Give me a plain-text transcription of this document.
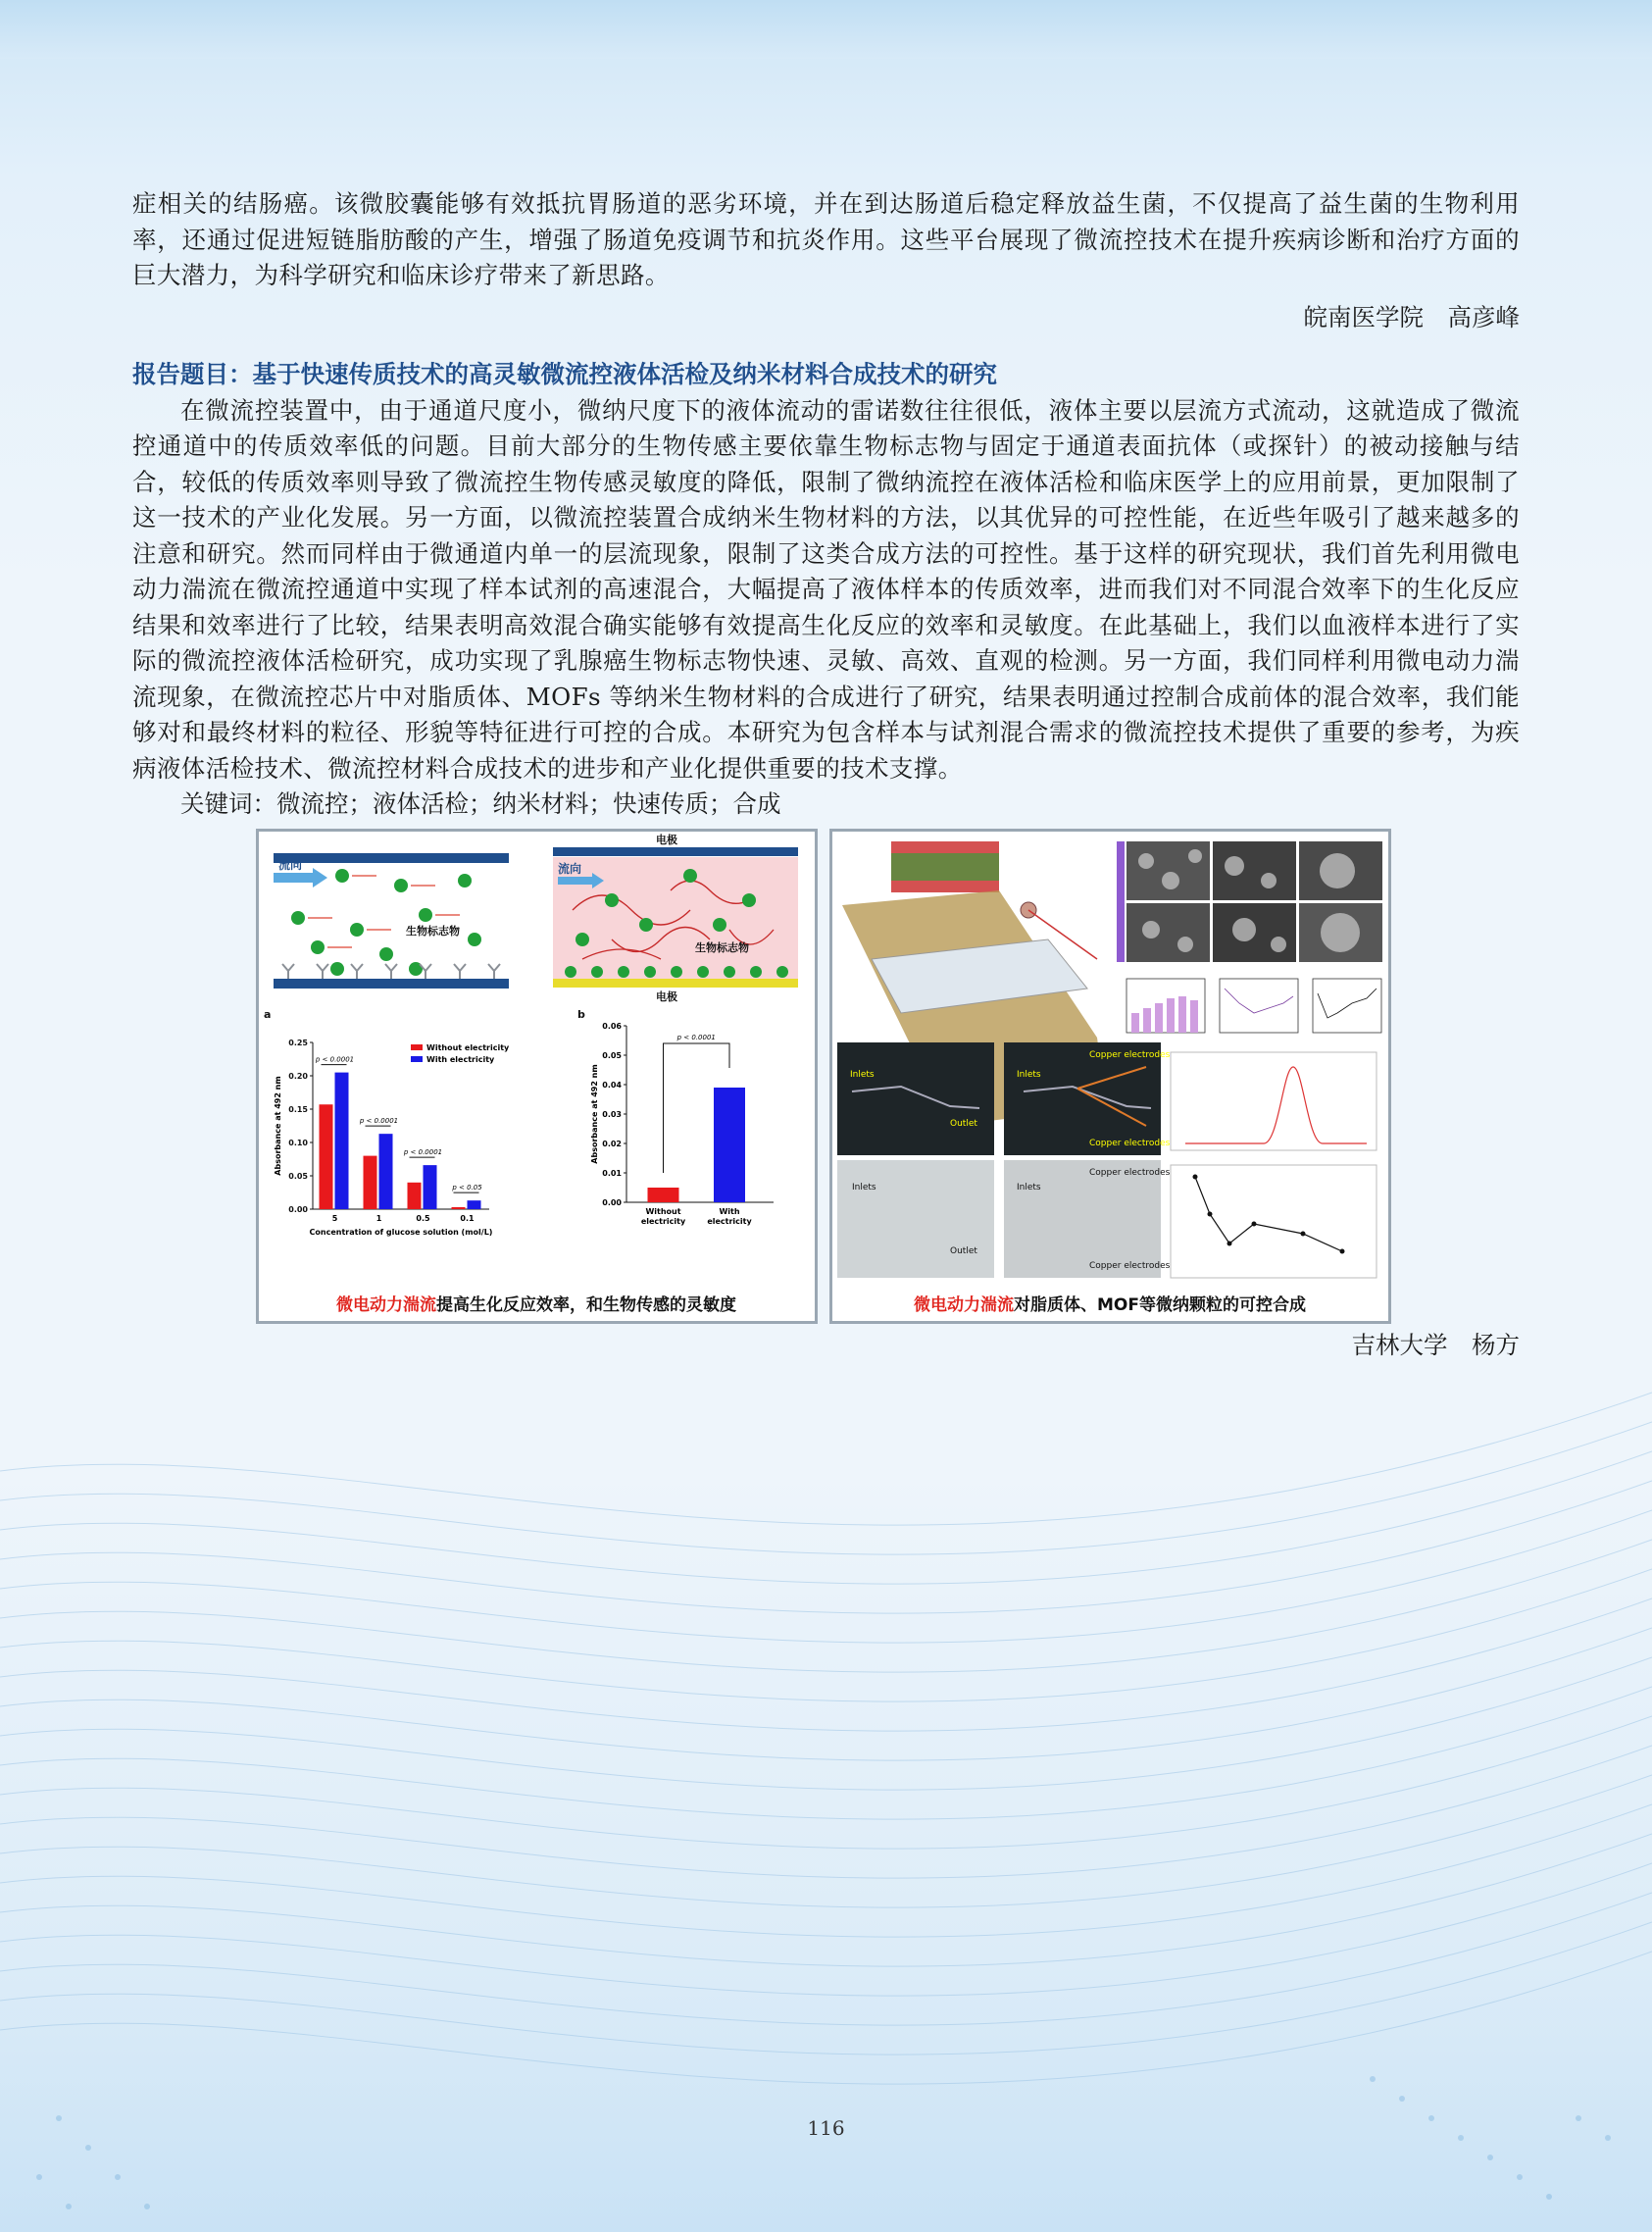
症相关的结肠癌。该微胶囊能够有效抵抗胃肠道的恶劣环境，并在到达肠道后稳定释放益生菌，不仅提高了益生菌的生物利用率，还通过促进短链脂肪酸的产生，增强了肠道免疫调节和抗炎作用。这些平台展现了微流控技术在提升疾病诊断和治疗方面的巨大潜力，为科学研究和临床诊疗带来了新思路。

皖南医学院　高彦峰

报告题目：基于快速传质技术的高灵敏微流控液体活检及纳米材料合成技术的研究

在微流控装置中，由于通道尺度小，微纳尺度下的液体流动的雷诺数往往很低，液体主要以层流方式流动，这就造成了微流控通道中的传质效率低的问题。目前大部分的生物传感主要依靠生物标志物与固定于通道表面抗体（或探针）的被动接触与结合，较低的传质效率则导致了微流控生物传感灵敏度的降低，限制了微纳流控在液体活检和临床医学上的应用前景，更加限制了这一技术的产业化发展。另一方面，以微流控装置合成纳米生物材料的方法，以其优异的可控性能，在近些年吸引了越来越多的注意和研究。然而同样由于微通道内单一的层流现象，限制了这类合成方法的可控性。基于这样的研究现状，我们首先利用微电动力湍流在微流控通道中实现了样本试剂的高速混合，大幅提高了液体样本的传质效率，进而我们对不同混合效率下的生化反应结果和效率进行了比较，结果表明高效混合确实能够有效提高生化反应的效率和灵敏度。在此基础上，我们以血液样本进行了实际的微流控液体活检研究，成功实现了乳腺癌生物标志物快速、灵敏、高效、直观的检测。另一方面，我们同样利用微电动力湍流现象，在微流控芯片中对脂质体、MOFs 等纳米生物材料的合成进行了研究，结果表明通过控制合成前体的混合效率，我们能够对和最终材料的粒径、形貌等特征进行可控的合成。本研究为包含样本与试剂混合需求的微流控技术提供了重要的参考，为疾病液体活检技术、微流控材料合成技术的进步和产业化提供重要的技术支撑。

关键词：微流控；液体活检；纳米材料；快速传质；合成

流向
生物标志物
电极
电极
流向
生物标志物
a	b
0.00
0.05
0.10
0.15
0.20
0.25
Absorbance at 492 nm
5
p < 0.0001
1
p < 0.0001
0.5
p < 0.0001
0.1
p < 0.05
Concentration of glucose solution (mol/L)
Without electricity
With electricity
0.00
0.01
0.02
0.03
0.04
0.05
0.06
Absorbance at 492 nm
Without electricity
With electricity
p < 0.0001
微电动力湍流提高生化反应效率，和生物传感的灵敏度
Inlets
Outlet
Inlets
Copper electrodes
Copper electrodes
Inlets
Outlet
Inlets
Copper electrodes
Copper electrodes
微电动力湍流对脂质体、MOF等微纳颗粒的可控合成

吉林大学　杨方

116
